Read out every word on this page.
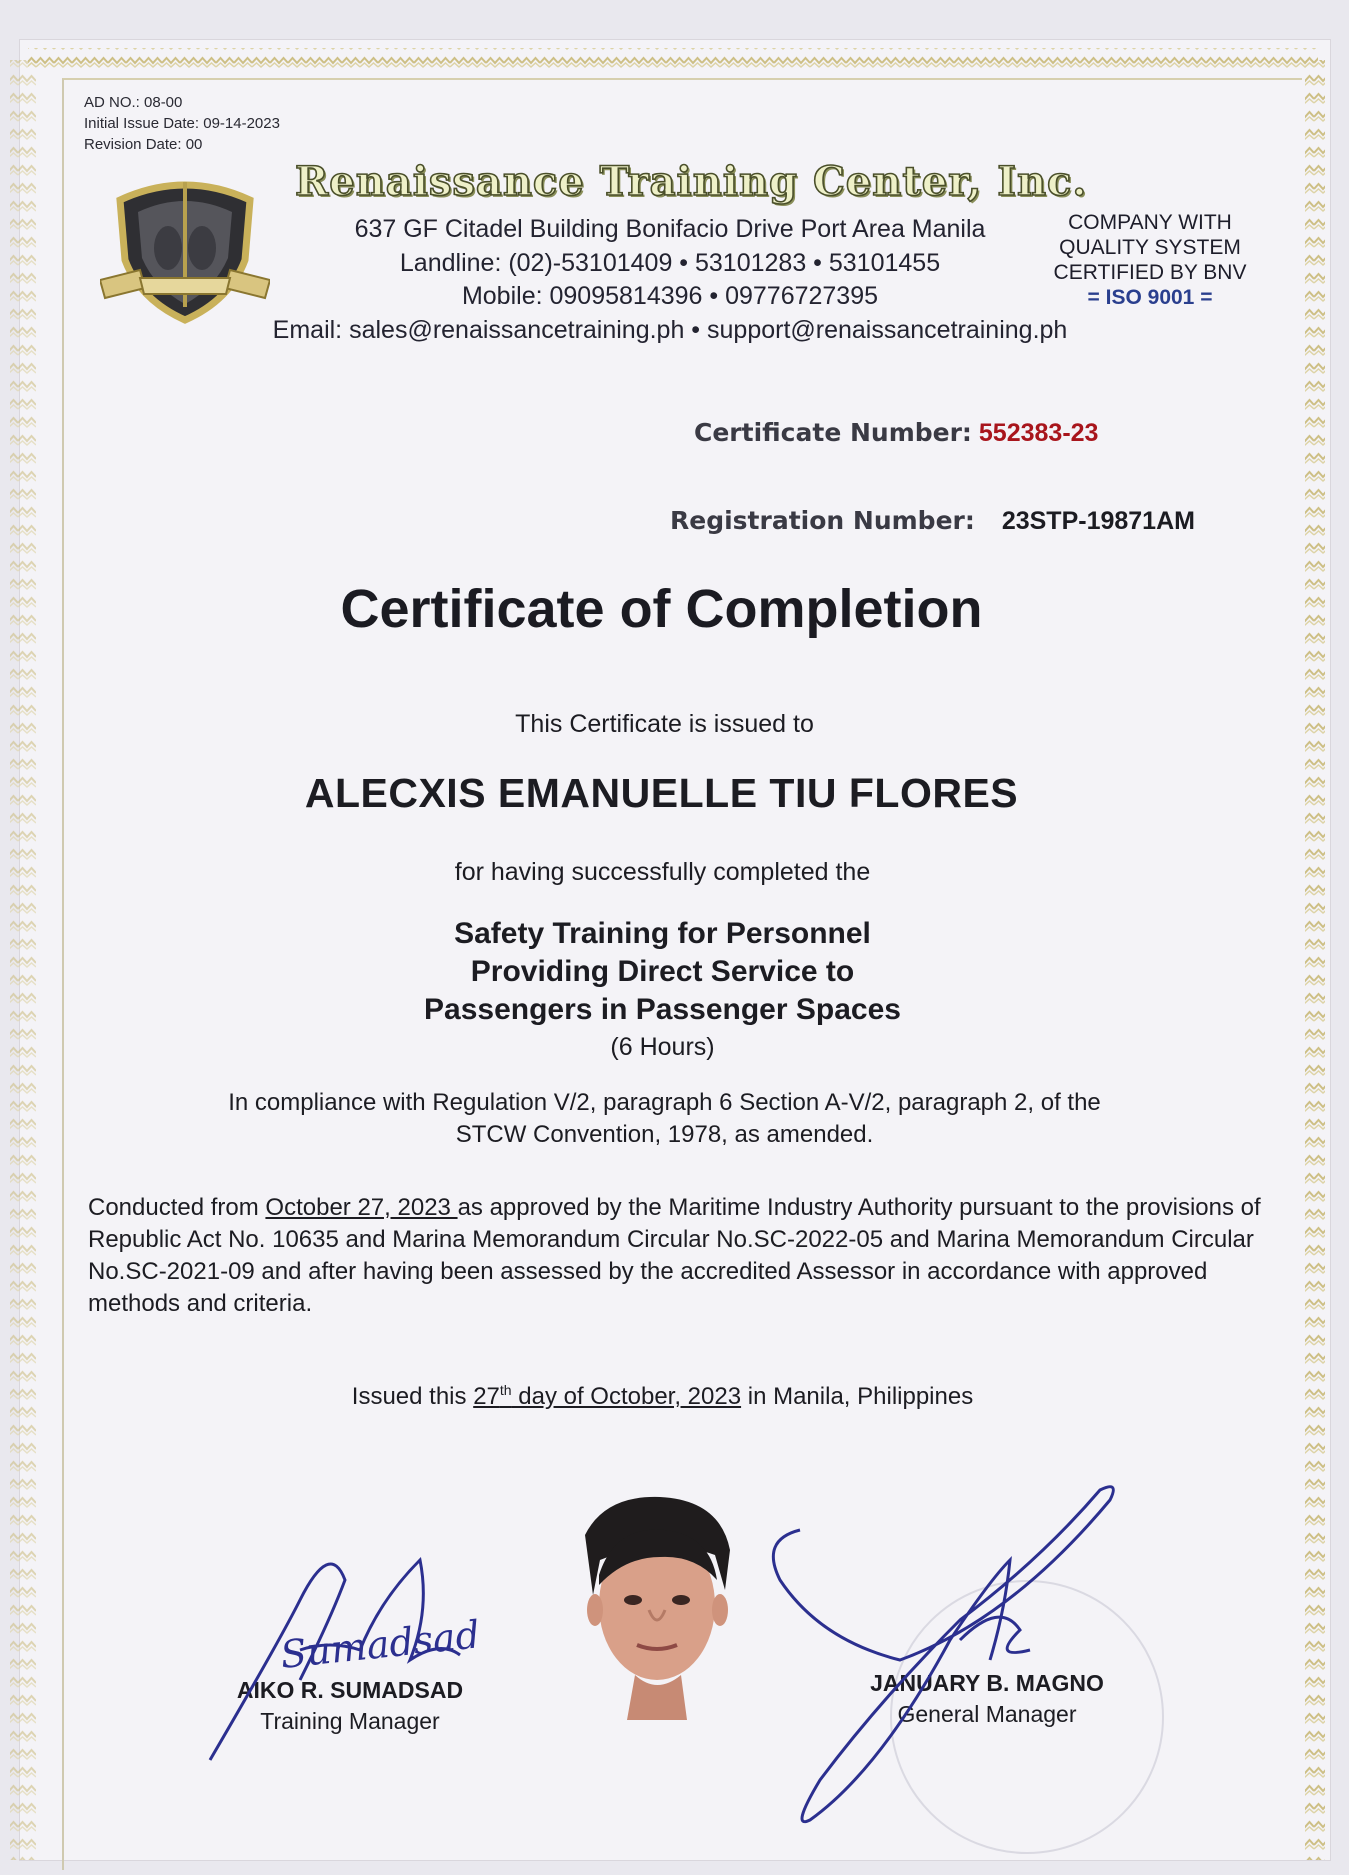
AD NO.: 08-00
Initial Issue Date: 09-14-2023
Revision Date: 00
Renaissance Training Center, Inc.
637 GF Citadel Building Bonifacio Drive Port Area Manila
Landline: (02)-53101409 • 53101283 • 53101455
Mobile: 09095814396 • 09776727395
Email: sales@renaissancetraining.ph • support@renaissancetraining.ph
COMPANY WITH
QUALITY SYSTEM
CERTIFIED BY BNV
= ISO 9001 =
Certificate Number: 552383-23
Registration Number: 23STP-19871AM
Certificate of Completion
This Certificate is issued to
ALECXIS EMANUELLE TIU FLORES
for having successfully completed the
Safety Training for Personnel
Providing Direct Service to
Passengers in Passenger Spaces
(6 Hours)
In compliance with Regulation V/2, paragraph 6 Section A-V/2, paragraph 2, of the
STCW Convention, 1978, as amended.
Conducted from October 27, 2023 as approved by the Maritime Industry Authority pursuant to the provisions of Republic Act No. 10635 and Marina Memorandum Circular No.SC-2022-05 and Marina Memorandum Circular No.SC-2021-09 and after having been assessed by the accredited Assessor in accordance with approved methods and criteria.
Issued this 27th day of October, 2023 in Manila, Philippines
AIKO R. SUMADSAD
Training Manager
JANUARY B. MAGNO
General Manager
Sumadsad
